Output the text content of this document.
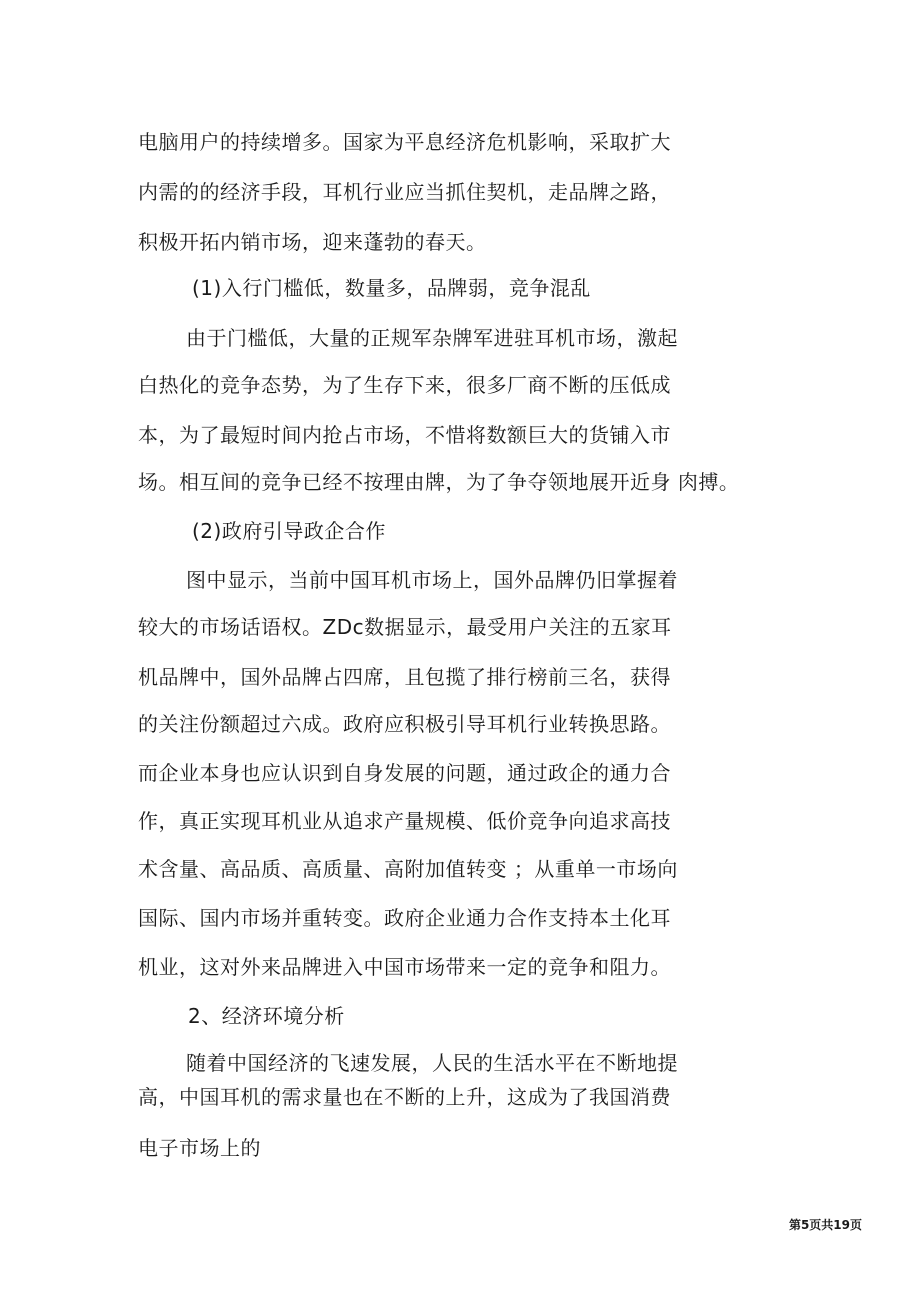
电脑用户的持续增多。国家为平息经济危机影响，采取扩大
内需的的经济手段，耳机行业应当抓住契机，走品牌之路，
积极开拓内销市场，迎来蓬勃的春天。
(1)入行门槛低，数量多，品牌弱，竞争混乱
由于门槛低，大量的正规军杂牌军进驻耳机市场，激起
白热化的竞争态势，为了生存下来，很多厂商不断的压低成
本，为了最短时间内抢占市场，不惜将数额巨大的货铺入市
场。相互间的竞争已经不按理由牌，为了争夺领地展开近身 肉搏。
(2)政府引导政企合作
图中显示，当前中国耳机市场上，国外品牌仍旧掌握着
较大的市场话语权。ZDc数据显示，最受用户关注的五家耳
机品牌中，国外品牌占四席，且包揽了排行榜前三名，获得
的关注份额超过六成。政府应积极引导耳机行业转换思路。
而企业本身也应认识到自身发展的问题，通过政企的通力合
作，真正实现耳机业从追求产量规模、低价竞争向追求高技
术含量、高品质、高质量、高附加值转变 ；从重单一市场向
国际、国内市场并重转变。政府企业通力合作支持本土化耳
机业，这对外来品牌进入中国市场带来一定的竞争和阻力。
2、经济环境分析
随着中国经济的飞速发展，人民的生活水平在不断地提
高，中国耳机的需求量也在不断的上升，这成为了我国消费
电子市场上的
第5页共19页
